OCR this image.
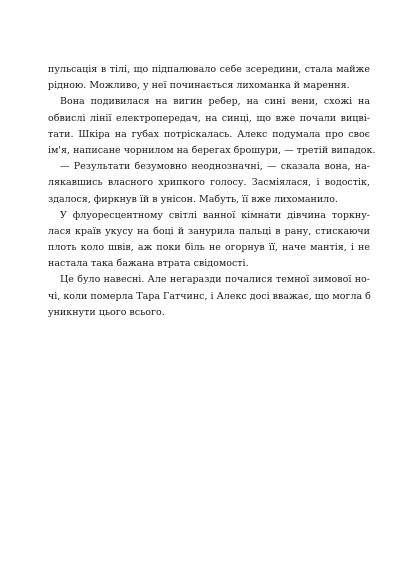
пульсація в тілі, що підпалювало себе зсередини, стала майже
рідною. Можливо, у неї починається лихоманка й марення.

Вона подивилася на вигин ребер, на сині вени, схожі на
обвислі лінії електропередач, на синці, що вже почали вицві-
тати. Шкіра на губах потріскалась. Алекс подумала про своє
ім'я, написане чорнилом на берегах брошури, — третій випадок.

— Результати безумовно неоднозначні, — сказала вона, на-
лякавшись власного хрипкого голосу. Засміялася, і водостік,
здалося, фиркнув їй в унісон. Мабуть, її вже лихоманило.

У флуоресцентному світлі ванної кімнати дівчина торкну-
лася країв укусу на боці й занурила пальці в рану, стискаючи
плоть коло швів, аж поки біль не огорнув її, наче мантія, і не
настала така бажана втрата свідомості.

Це було навесні. Але негаразди почалися темної зимової но-
чі, коли померла Тара Гатчинс, і Алекс досі вважає, що могла б
уникнути цього всього.
